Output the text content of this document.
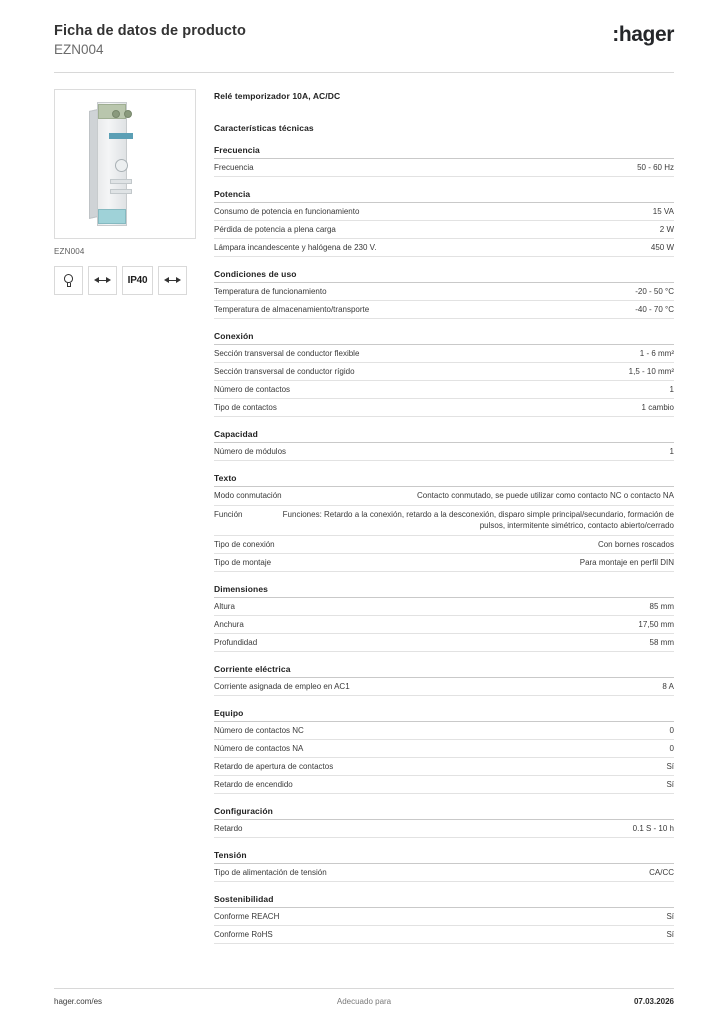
Ficha de datos de producto
EZN004
:hager
EZN004
IP40
Relé temporizador 10A, AC/DC
Características técnicas
Frecuencia
Frecuencia	50 - 60 Hz
Potencia
Consumo de potencia en funcionamiento	15 VA
Pérdida de potencia a plena carga	2 W
Lámpara incandescente y halógena de 230 V.	450 W
Condiciones de uso
Temperatura de funcionamiento	-20 - 50 °C
Temperatura de almacenamiento/transporte	-40 - 70 °C
Conexión
Sección transversal de conductor flexible	1 - 6 mm²
Sección transversal de conductor rígido	1,5 - 10 mm²
Número de contactos	1
Tipo de contactos	1 cambio
Capacidad
Número de módulos	1
Texto
Modo conmutación	Contacto conmutado, se puede utilizar como contacto NC o contacto NA
Función	Funciones: Retardo a la conexión, retardo a la desconexión, disparo simple principal/secundario, formación de pulsos, intermitente simétrico, contacto abierto/cerrado
Tipo de conexión	Con bornes roscados
Tipo de montaje	Para montaje en perfil DIN
Dimensiones
Altura	85 mm
Anchura	17,50 mm
Profundidad	58 mm
Corriente eléctrica
Corriente asignada de empleo en AC1	8 A
Equipo
Número de contactos NC	0
Número de contactos NA	0
Retardo de apertura de contactos	Sí
Retardo de encendido	Sí
Configuración
Retardo	0.1 S - 10 h
Tensión
Tipo de alimentación de tensión	CA/CC
Sostenibilidad
Conforme REACH	Sí
Conforme RoHS	Sí
hager.com/es	Adecuado para	07.03.2026
